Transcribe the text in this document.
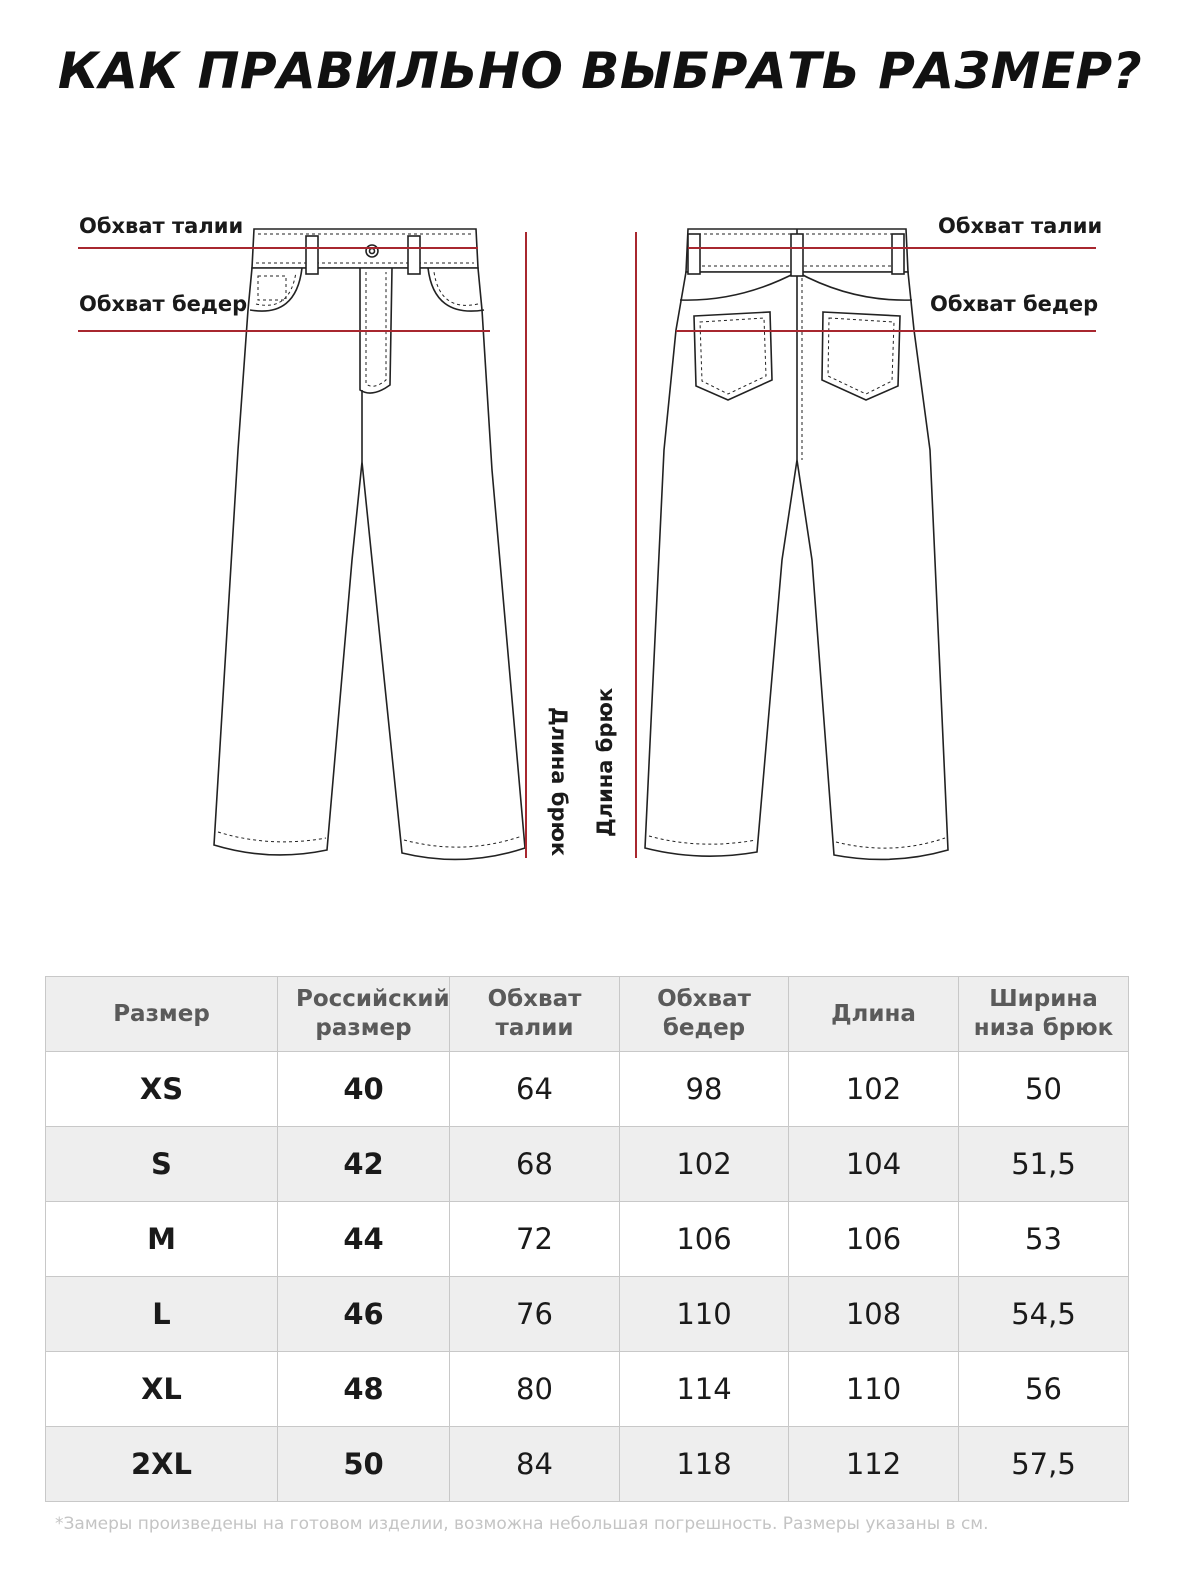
КАК ПРАВИЛЬНО ВЫБРАТЬ РАЗМЕР?
Обхват талии
Обхват бедер
Обхват талии
Обхват бедер
Длина брюк Длина брюк
Размер	Российский размер	Обхват талии	Обхват бедер	Длина	Ширина низа брюк
XS	40	64	98	102	50
S	42	68	102	104	51,5
M	44	72	106	106	53
L	46	76	110	108	54,5
XL	48	80	114	110	56
2XL	50	84	118	112	57,5
*Замеры произведены на готовом изделии, возможна небольшая погрешность. Размеры указаны в см.
